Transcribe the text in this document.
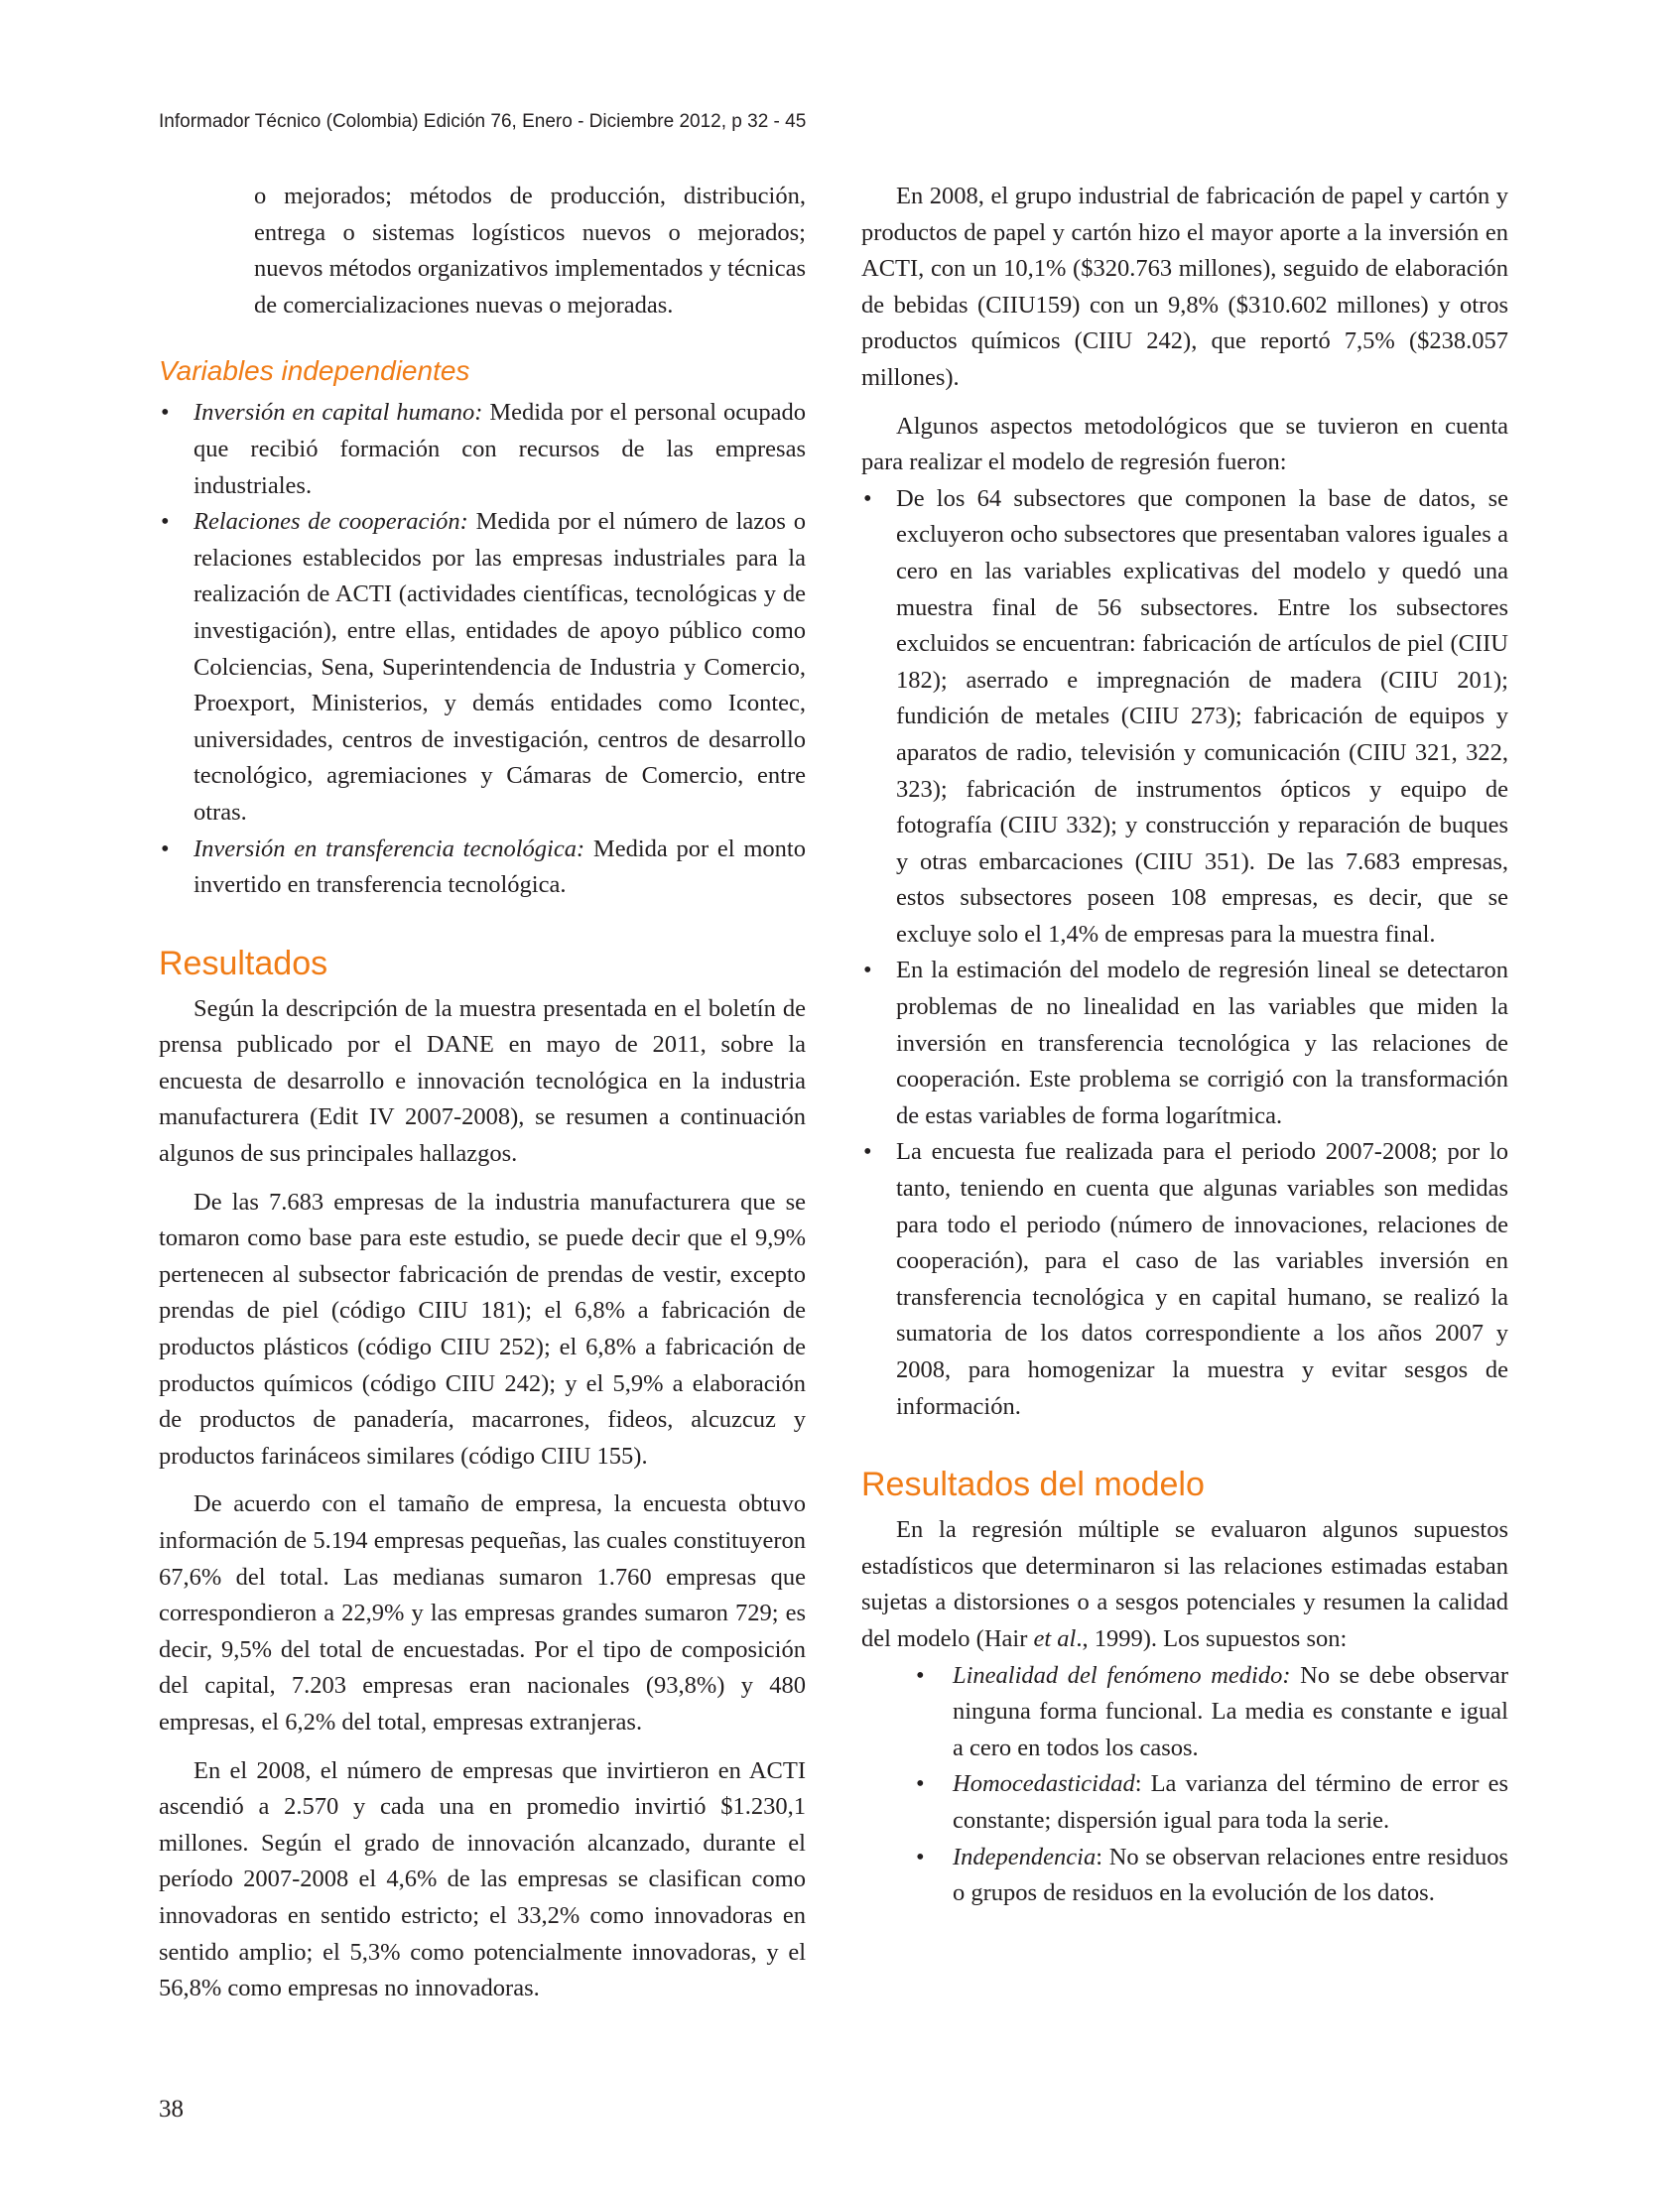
Informador Técnico (Colombia) Edición 76, Enero - Diciembre 2012, p 32 - 45

o mejorados; métodos de producción, distribución, entrega o sistemas logísticos nuevos o mejorados; nuevos métodos organizativos implementados y técnicas de comercializaciones nuevas o mejoradas.

Variables independientes
• Inversión en capital humano: Medida por el personal ocupado que recibió formación con recursos de las empresas industriales.
• Relaciones de cooperación: Medida por el número de lazos o relaciones establecidos por las empresas industriales para la realización de ACTI (actividades científicas, tecnológicas y de investigación), entre ellas, entidades de apoyo público como Colciencias, Sena, Superintendencia de Industria y Comercio, Proexport, Ministerios, y demás entidades como Icontec, universidades, centros de investigación, centros de desarrollo tecnológico, agremiaciones y Cámaras de Comercio, entre otras.
• Inversión en transferencia tecnológica: Medida por el monto invertido en transferencia tecnológica.
Resultados

Según la descripción de la muestra presentada en el boletín de prensa publicado por el DANE en mayo de 2011, sobre la encuesta de desarrollo e innovación tecnológica en la industria manufacturera (Edit IV 2007-2008), se resumen a continuación algunos de sus principales hallazgos.

De las 7.683 empresas de la industria manufacturera que se tomaron como base para este estudio, se puede decir que el 9,9% pertenecen al subsector fabricación de prendas de vestir, excepto prendas de piel (código CIIU 181); el 6,8% a fabricación de productos plásticos (código CIIU 252); el 6,8% a fabricación de productos químicos (código CIIU 242); y el 5,9% a elaboración de productos de panadería, macarrones, fideos, alcuzcuz y productos farináceos similares (código CIIU 155).

De acuerdo con el tamaño de empresa, la encuesta obtuvo información de 5.194 empresas pequeñas, las cuales constituyeron 67,6% del total. Las medianas sumaron 1.760 empresas que correspondieron a 22,9% y las empresas grandes sumaron 729; es decir, 9,5% del total de encuestadas. Por el tipo de composición del capital, 7.203 empresas eran nacionales (93,8%) y 480 empresas, el 6,2% del total, empresas extranjeras.

En el 2008, el número de empresas que invirtieron en ACTI ascendió a 2.570 y cada una en promedio invirtió $1.230,1 millones. Según el grado de innovación alcanzado, durante el período 2007-2008 el 4,6% de las empresas se clasifican como innovadoras en sentido estricto; el 33,2% como innovadoras en sentido amplio; el 5,3% como potencialmente innovadoras, y el 56,8% como empresas no innovadoras.

En 2008, el grupo industrial de fabricación de papel y cartón y productos de papel y cartón hizo el mayor aporte a la inversión en ACTI, con un 10,1% ($320.763 millones), seguido de elaboración de bebidas (CIIU159) con un 9,8% ($310.602 millones) y otros productos químicos (CIIU 242), que reportó 7,5% ($238.057 millones).

Algunos aspectos metodológicos que se tuvieron en cuenta para realizar el modelo de regresión fueron:

• De los 64 subsectores que componen la base de datos, se excluyeron ocho subsectores que presentaban valores iguales a cero en las variables explicativas del modelo y quedó una muestra final de 56 subsectores. Entre los subsectores excluidos se encuentran: fabricación de artículos de piel (CIIU 182); aserrado e impregnación de madera (CIIU 201); fundición de metales (CIIU 273); fabricación de equipos y aparatos de radio, televisión y comunicación (CIIU 321, 322, 323); fabricación de instrumentos ópticos y equipo de fotografía (CIIU 332); y construcción y reparación de buques y otras embarcaciones (CIIU 351). De las 7.683 empresas, estos subsectores poseen 108 empresas, es decir, que se excluye solo el 1,4% de empresas para la muestra final.
• En la estimación del modelo de regresión lineal se detectaron problemas de no linealidad en las variables que miden la inversión en transferencia tecnológica y las relaciones de cooperación. Este problema se corrigió con la transformación de estas variables de forma logarítmica.
• La encuesta fue realizada para el periodo 2007-2008; por lo tanto, teniendo en cuenta que algunas variables son medidas para todo el periodo (número de innovaciones, relaciones de cooperación), para el caso de las variables inversión en transferencia tecnológica y en capital humano, se realizó la sumatoria de los datos correspondiente a los años 2007 y 2008, para homogenizar la muestra y evitar sesgos de información.
Resultados del modelo

En la regresión múltiple se evaluaron algunos supuestos estadísticos que determinaron si las relaciones estimadas estaban sujetas a distorsiones o a sesgos potenciales y resumen la calidad del modelo (Hair et al., 1999). Los supuestos son:

• Linealidad del fenómeno medido: No se debe observar ninguna forma funcional. La media es constante e igual a cero en todos los casos.
• Homocedasticidad: La varianza del término de error es constante; dispersión igual para toda la serie.
• Independencia: No se observan relaciones entre residuos o grupos de residuos en la evolución de los datos.
38
